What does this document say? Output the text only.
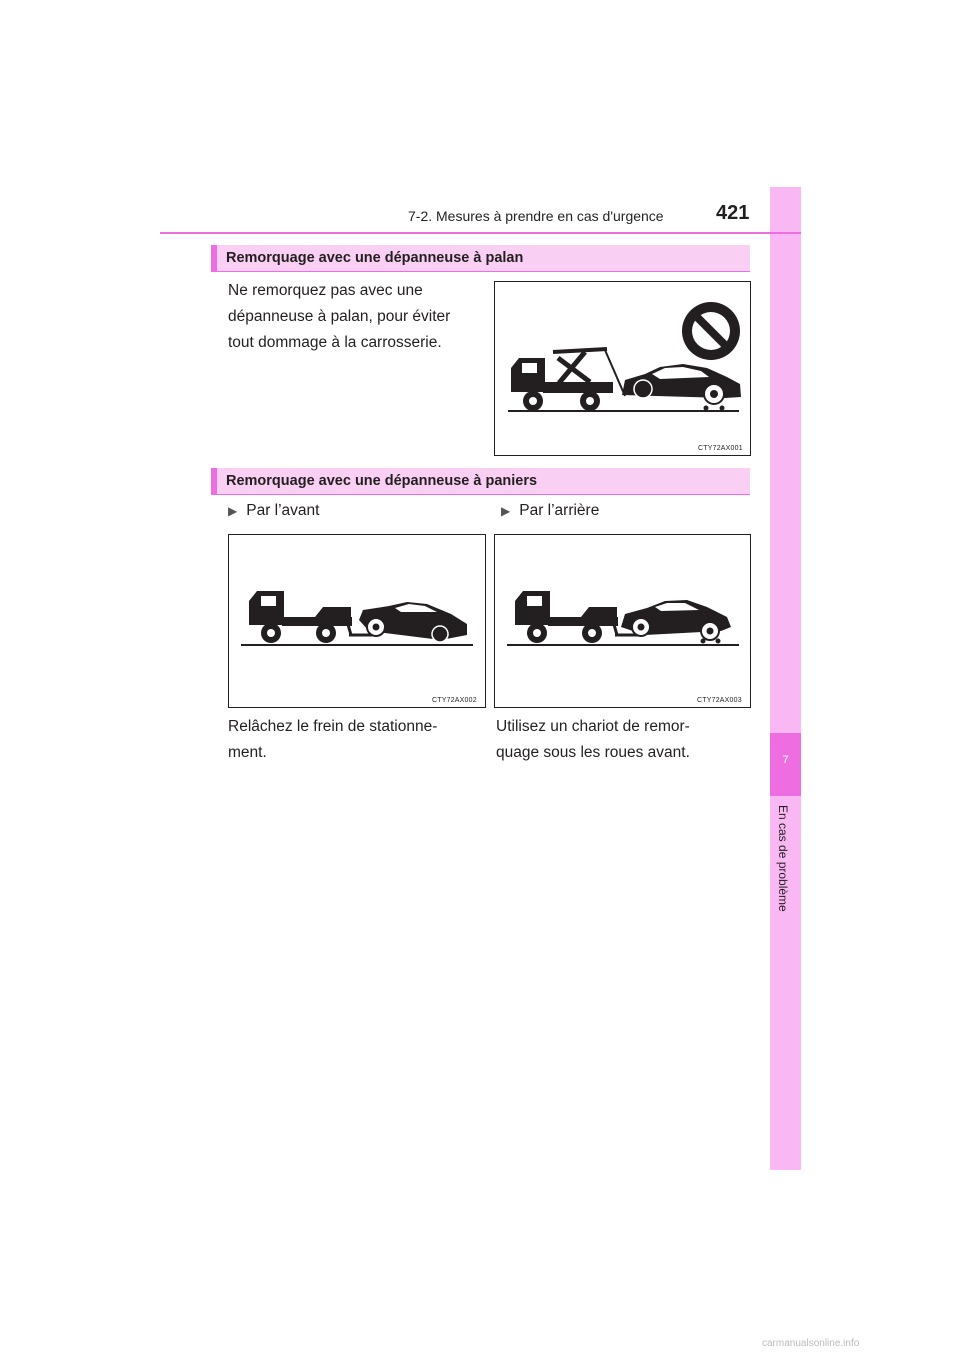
7
En cas de problème
7-2. Mesures à prendre en cas d'urgence	421
Remorquage avec une dépanneuse à palan
Ne remorquez pas avec une
dépanneuse à palan, pour éviter
tout dommage à la carrosserie.
CTY72AX001
Remorquage avec une dépanneuse à paniers
▶ Par l’avant	▶ Par l’arrière
CTY72AX002	CTY72AX003
Relâchez le frein de stationne-
ment.
Utilisez un chariot de remor-
quage sous les roues avant.
carmanualsonline.info
